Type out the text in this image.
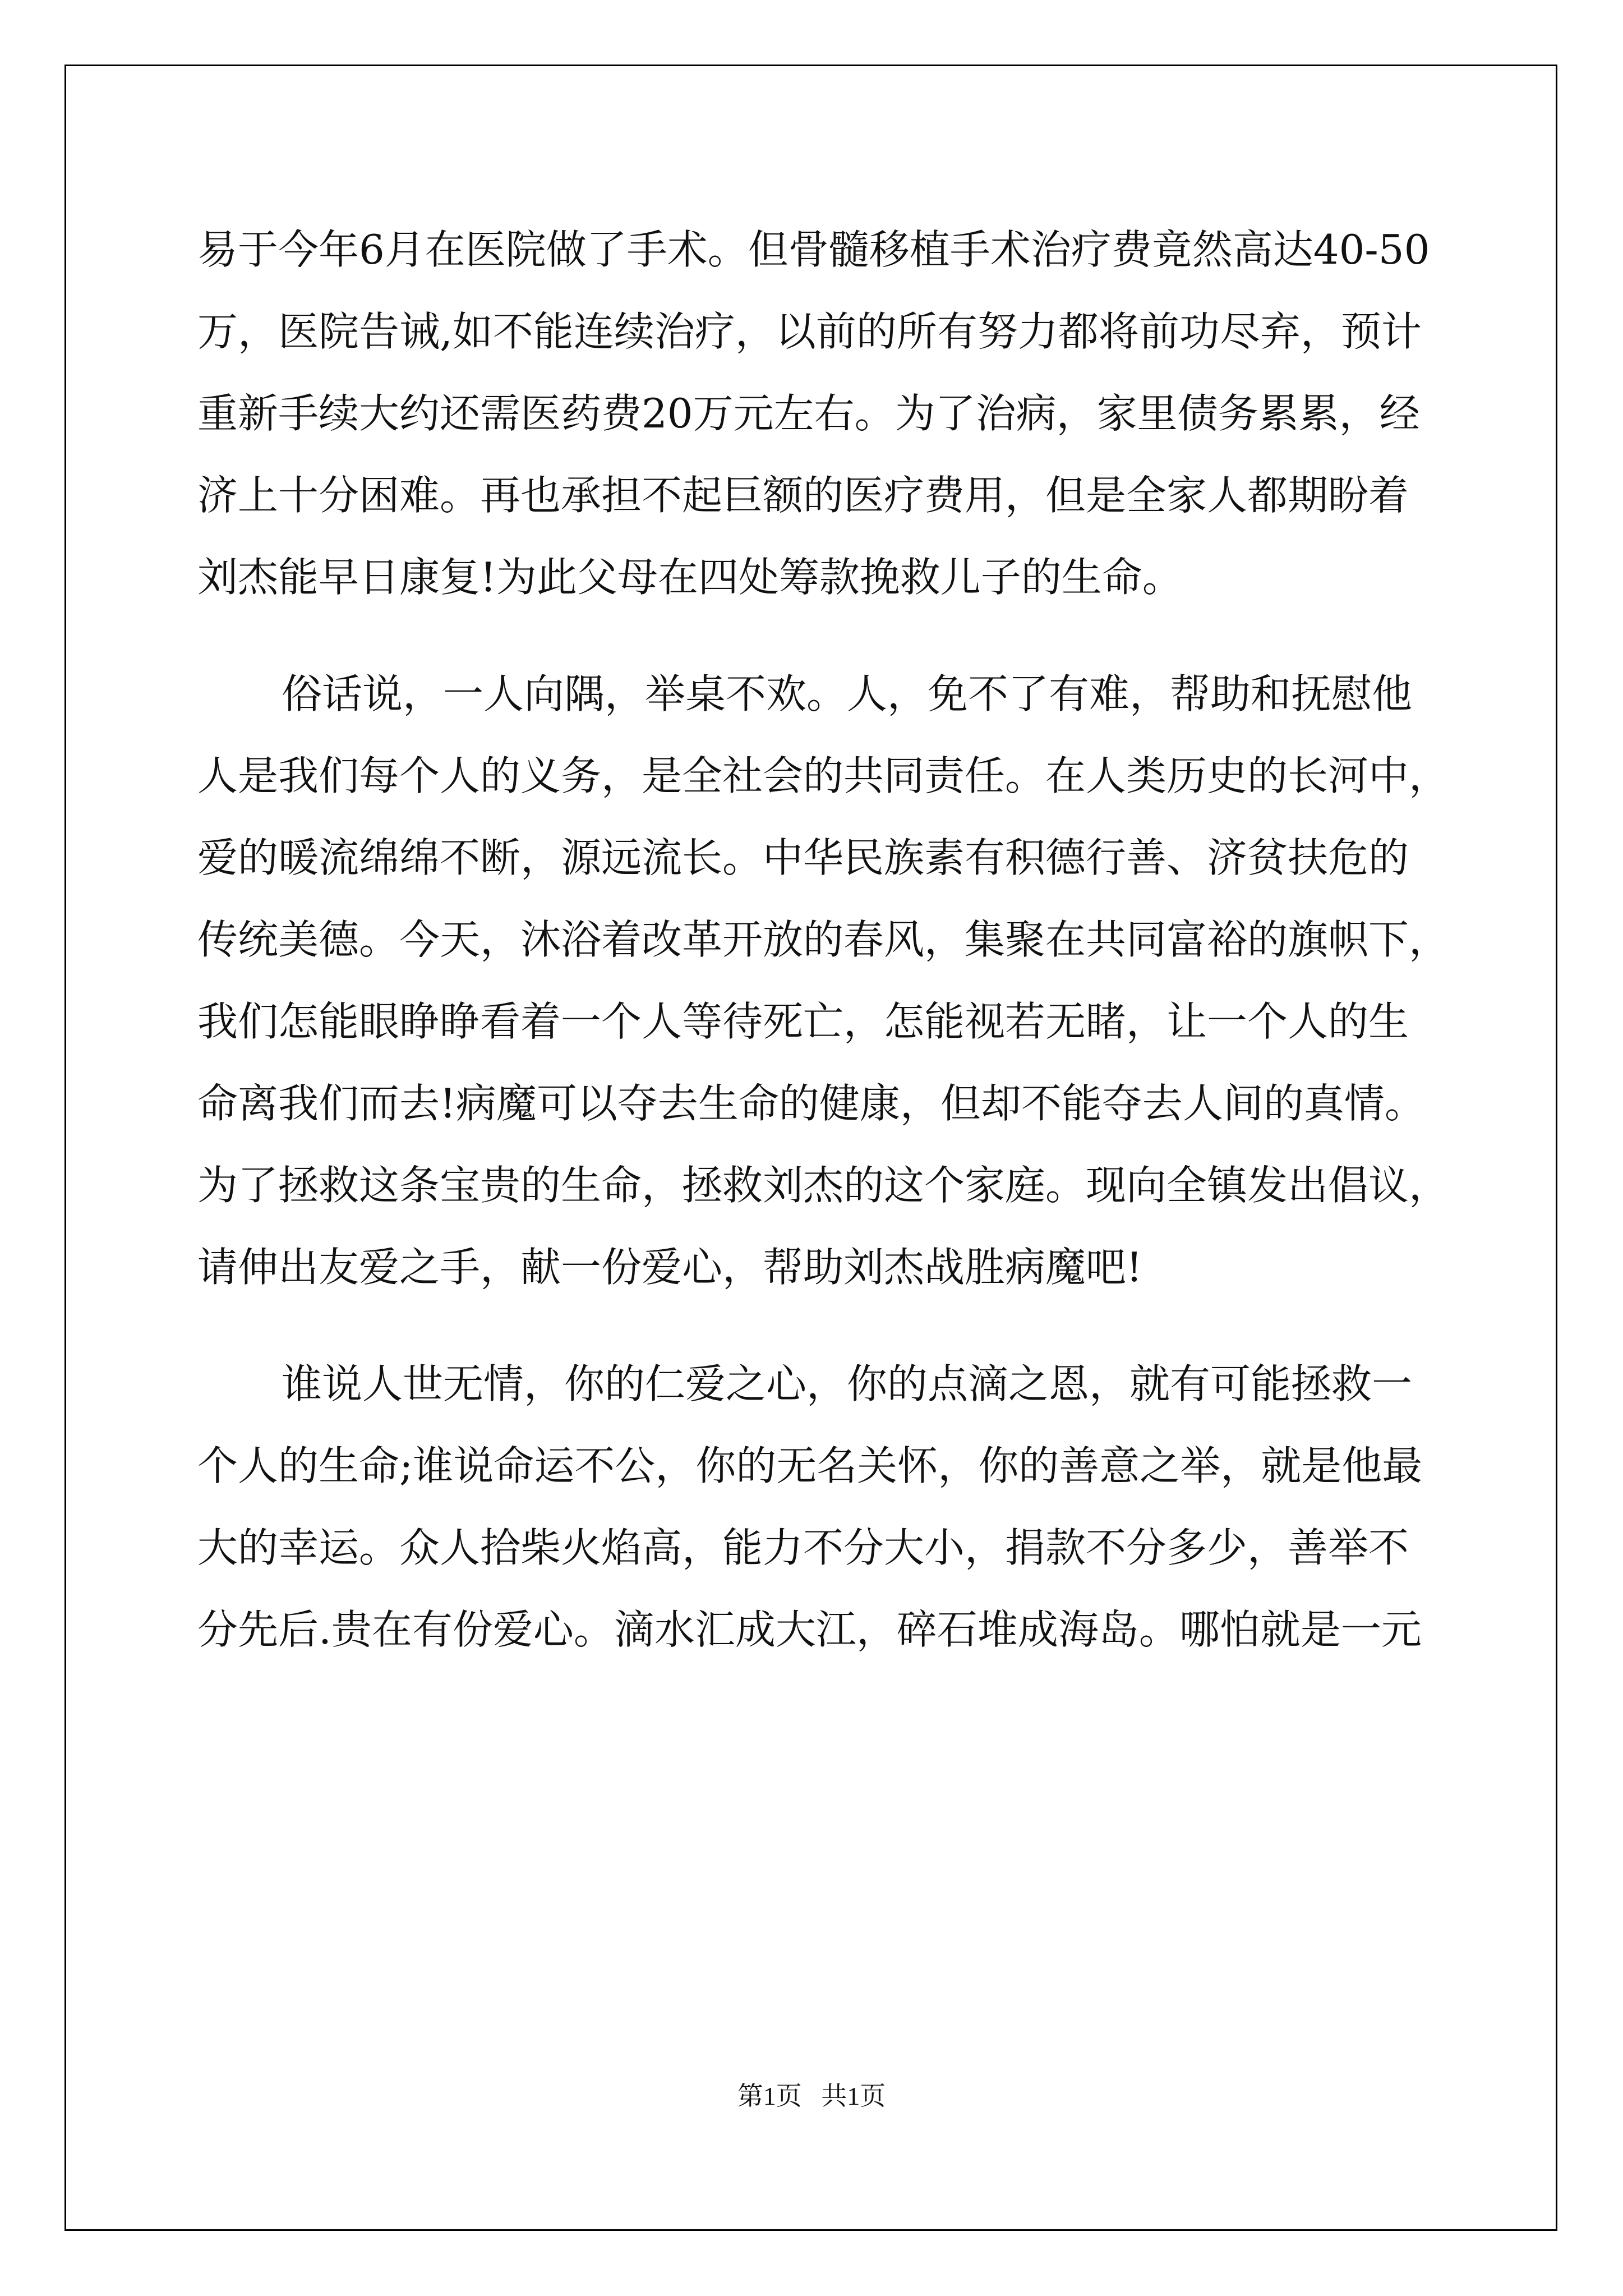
易于今年6月在医院做了手术。但骨髓移植手术治疗费竟然高达40-50
万，医院告诫,如不能连续治疗，以前的所有努力都将前功尽弃，预计
重新手续大约还需医药费20万元左右。为了治病，家里债务累累，经
济上十分困难。再也承担不起巨额的医疗费用，但是全家人都期盼着
刘杰能早日康复!为此父母在四处筹款挽救儿子的生命。
俗话说，一人向隅，举桌不欢。人，免不了有难，帮助和抚慰他
人是我们每个人的义务，是全社会的共同责任。在人类历史的长河中，
爱的暖流绵绵不断，源远流长。中华民族素有积德行善、济贫扶危的
传统美德。今天，沐浴着改革开放的春风，集聚在共同富裕的旗帜下，
我们怎能眼睁睁看着一个人等待死亡，怎能视若无睹，让一个人的生
命离我们而去!病魔可以夺去生命的健康，但却不能夺去人间的真情。
为了拯救这条宝贵的生命，拯救刘杰的这个家庭。现向全镇发出倡议，
请伸出友爱之手，献一份爱心，帮助刘杰战胜病魔吧!
谁说人世无情，你的仁爱之心，你的点滴之恩，就有可能拯救一
个人的生命;谁说命运不公，你的无名关怀，你的善意之举，就是他最
大的幸运。众人拾柴火焰高，能力不分大小，捐款不分多少，善举不
分先后.贵在有份爱心。滴水汇成大江，碎石堆成海岛。哪怕就是一元
第1页   共1页
